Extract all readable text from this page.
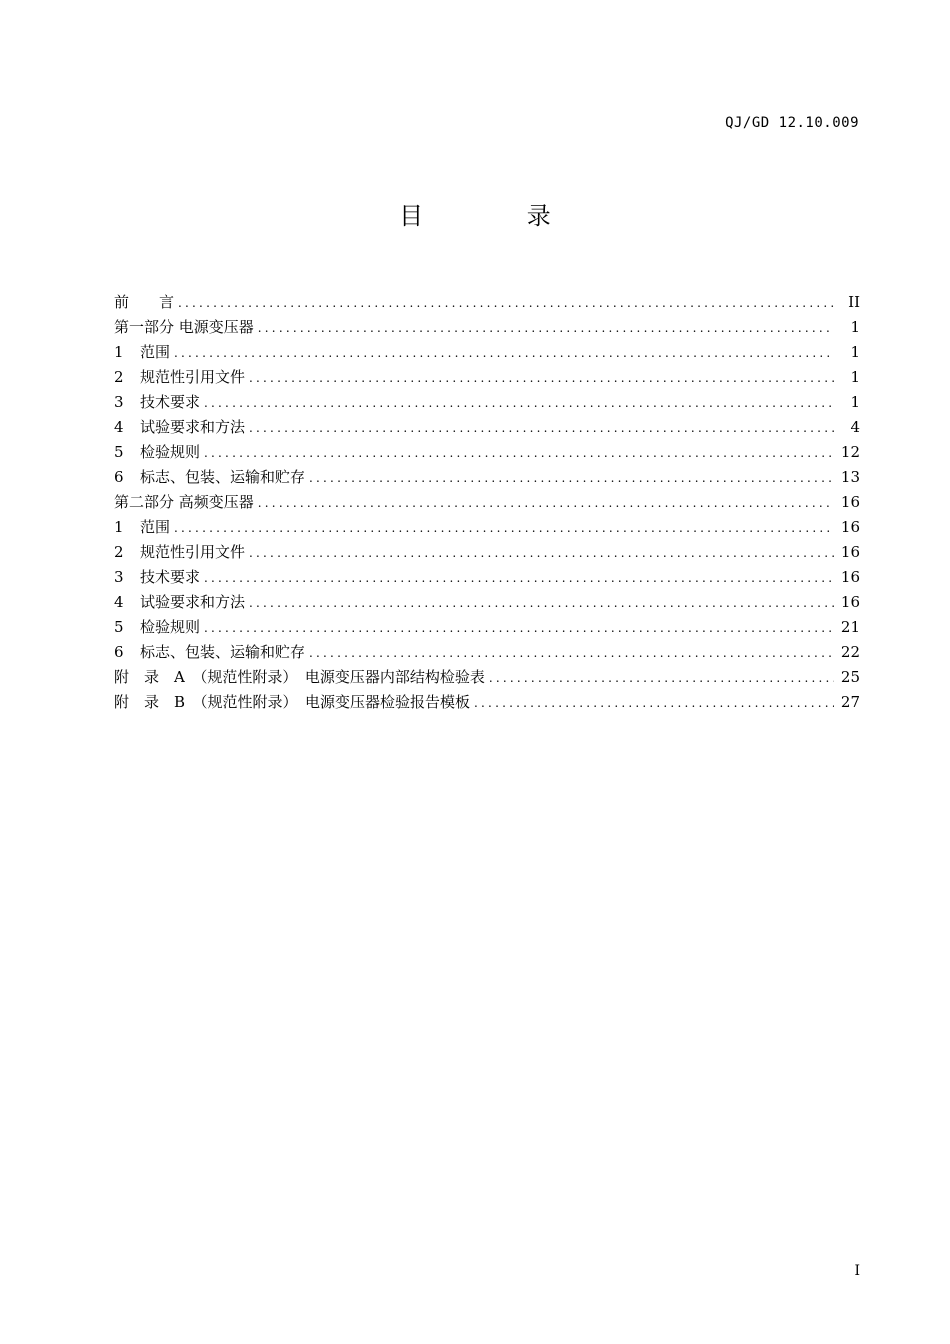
QJ/GD 12.10.009
目 录
前　　言 .....	II
第一部分 电源变压器 .....	1
1	范围 .....	1
2	规范性引用文件 .....	1
3	技术要求 .....	1
4	试验要求和方法 .....	4
5	检验规则 .....	12
6	标志、包装、运输和贮存 .....	13
第二部分 高频变压器 .....	16
1	范围 .....	16
2	规范性引用文件 .....	16
3	技术要求 .....	16
4	试验要求和方法 .....	16
5	检验规则 .....	21
6	标志、包装、运输和贮存 .....	22
附　录　A　（规范性附录）　电源变压器内部结构检验表 .....	25
附　录　B　（规范性附录）　电源变压器检验报告模板 .....	27
I
